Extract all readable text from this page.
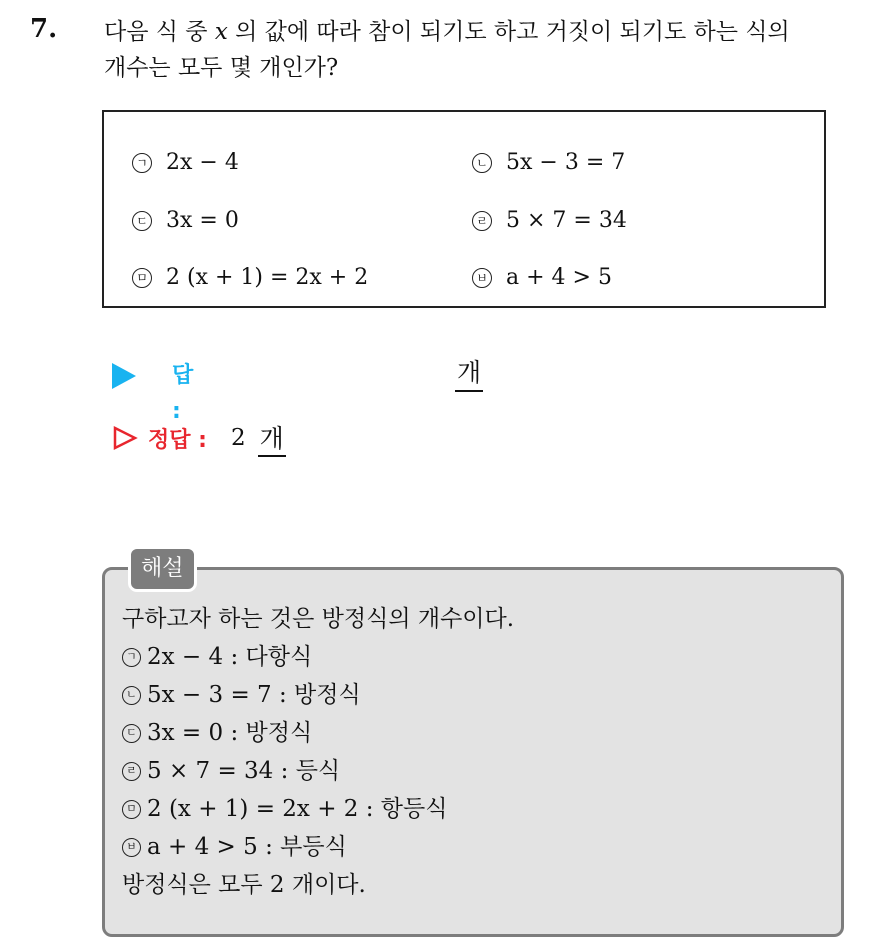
7. 다음 식 중 x 의 값에 따라 참이 되기도 하고 거짓이 되기도 하는 식의
개수는 모두 몇 개인가?
ㄱ 2x − 4	ㄴ 5x − 3 = 7
ㄷ 3x = 0	ㄹ 5 × 7 = 34
ㅁ 2 (x + 1) = 2x + 2	ㅂ a + 4 > 5
답 :
개
정답 : 2 개
해설
구하고자 하는 것은 방정식의 개수이다.
ㄱ 2x − 4 : 다항식
ㄴ 5x − 3 = 7 : 방정식
ㄷ 3x = 0 : 방정식
ㄹ 5 × 7 = 34 : 등식
ㅁ 2 (x + 1) = 2x + 2 : 항등식
ㅂ a + 4 > 5 : 부등식
방정식은 모두 2 개이다.
